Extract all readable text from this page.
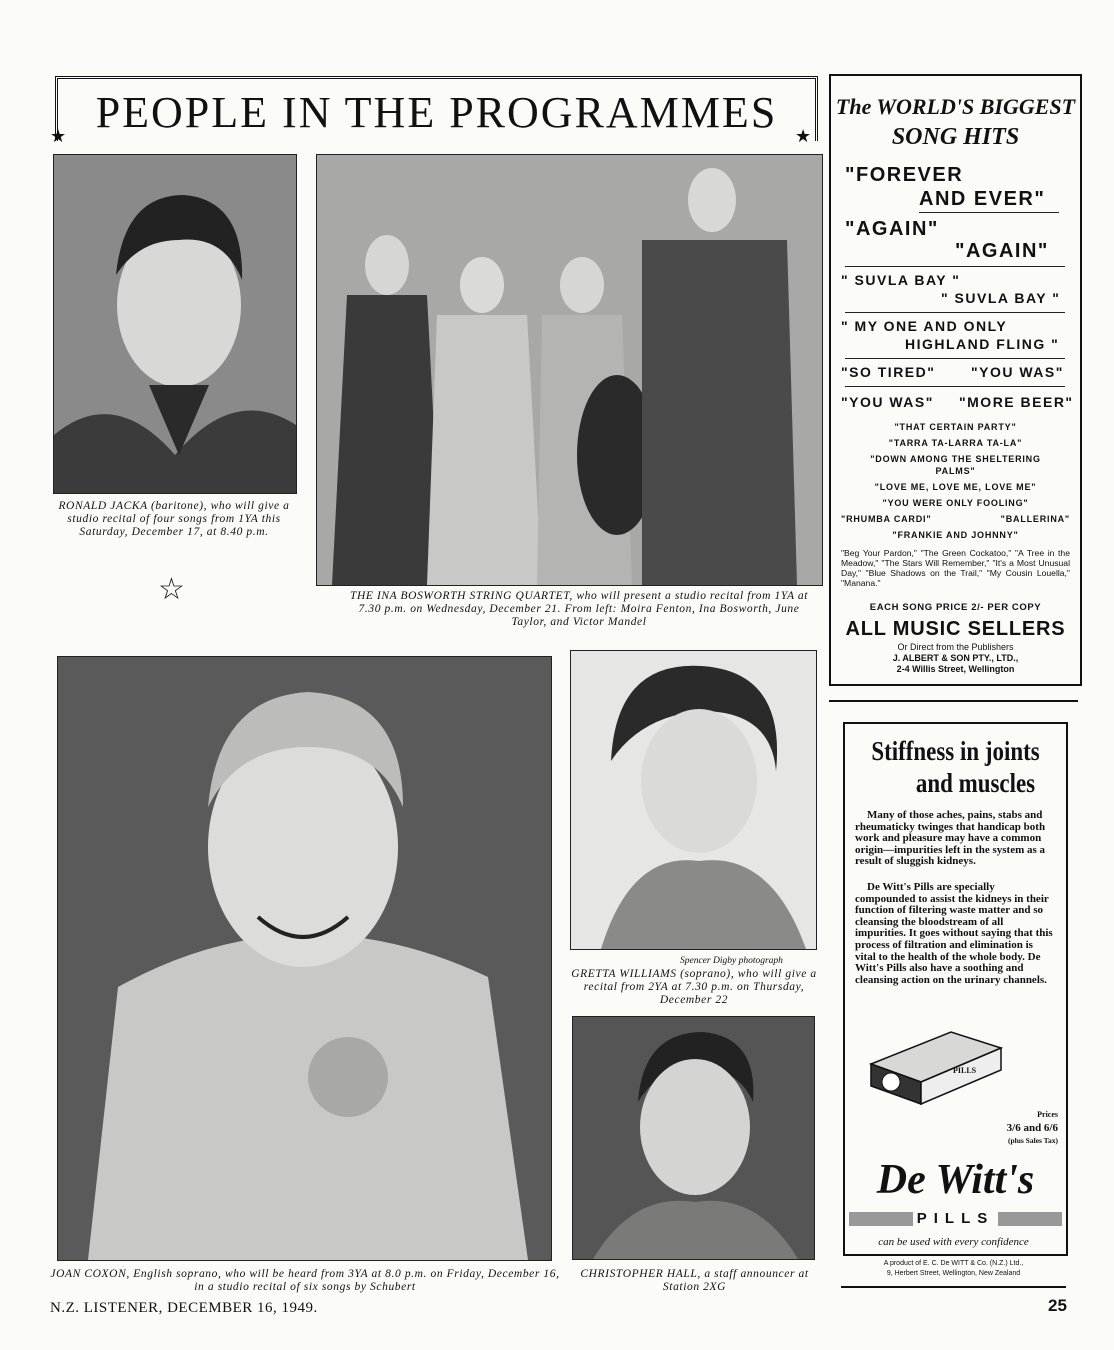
PEOPLE IN THE PROGRAMMES
★	★
RONALD JACKA (baritone), who will give a studio recital of four songs from 1YA this Saturday, December 17, at 8.40 p.m.
☆	THE INA BOSWORTH STRING QUARTET, who will present a studio recital from 1YA at 7.30 p.m. on Wednesday, December 21. From left: Moira Fenton, Ina Bosworth, June Taylor, and Victor Mandel
JOAN COXON, English soprano, who will be heard from 3YA at 8.0 p.m. on Friday, December 16, in a studio recital of six songs by Schubert
Spencer Digby photograph
GRETTA WILLIAMS (soprano), who will give a recital from 2YA at 7.30 p.m. on Thursday, December 22
CHRISTOPHER HALL, a staff announcer at Station 2XG
The WORLD'S BIGGEST
SONG HITS
"FOREVER
AND EVER"
"AGAIN"
"AGAIN"
" SUVLA BAY "
" SUVLA BAY "
" MY ONE AND ONLY
HIGHLAND FLING "
"SO TIRED"	"YOU WAS"
"YOU WAS" "MORE BEER"
"THAT CERTAIN PARTY"
"TARRA TA-LARRA TA-LA"
"DOWN AMONG THE SHELTERING
PALMS"
"LOVE ME, LOVE ME, LOVE ME"
"YOU WERE ONLY FOOLING"
"RHUMBA CARDI"	"BALLERINA"
"FRANKIE AND JOHNNY"
"Beg Your Pardon," "The Green Cockatoo," "A Tree in the Meadow," "The Stars Will Remember," "It's a Most Unusual Day," "Blue Shadows on the Trail," "My Cousin Louella," "Manana."
EACH SONG PRICE 2/- PER COPY
ALL MUSIC SELLERS
Or Direct from the Publishers
J. ALBERT & SON PTY., LTD.,
2-4 Willis Street, Wellington
Stiffness in joints
and muscles
Many of those aches, pains, stabs and rheumaticky twinges that handicap both work and pleasure may have a common origin—impurities left in the system as a result of sluggish kidneys.
De Witt's Pills are specially compounded to assist the kidneys in their function of filtering waste matter and so cleansing the bloodstream of all impurities. It goes without saying that this process of filtration and elimination is vital to the health of the whole body. De Witt's Pills also have a soothing and cleansing action on the urinary channels.
PILLS
Prices
3/6 and 6/6
(plus Sales Tax)
De Witt's
PILLS
can be used with every confidence
A product of E. C. De WITT & Co. (N.Z.) Ltd.,
9, Herbert Street, Wellington, New Zealand
N.Z. LISTENER, DECEMBER 16, 1949.	25
